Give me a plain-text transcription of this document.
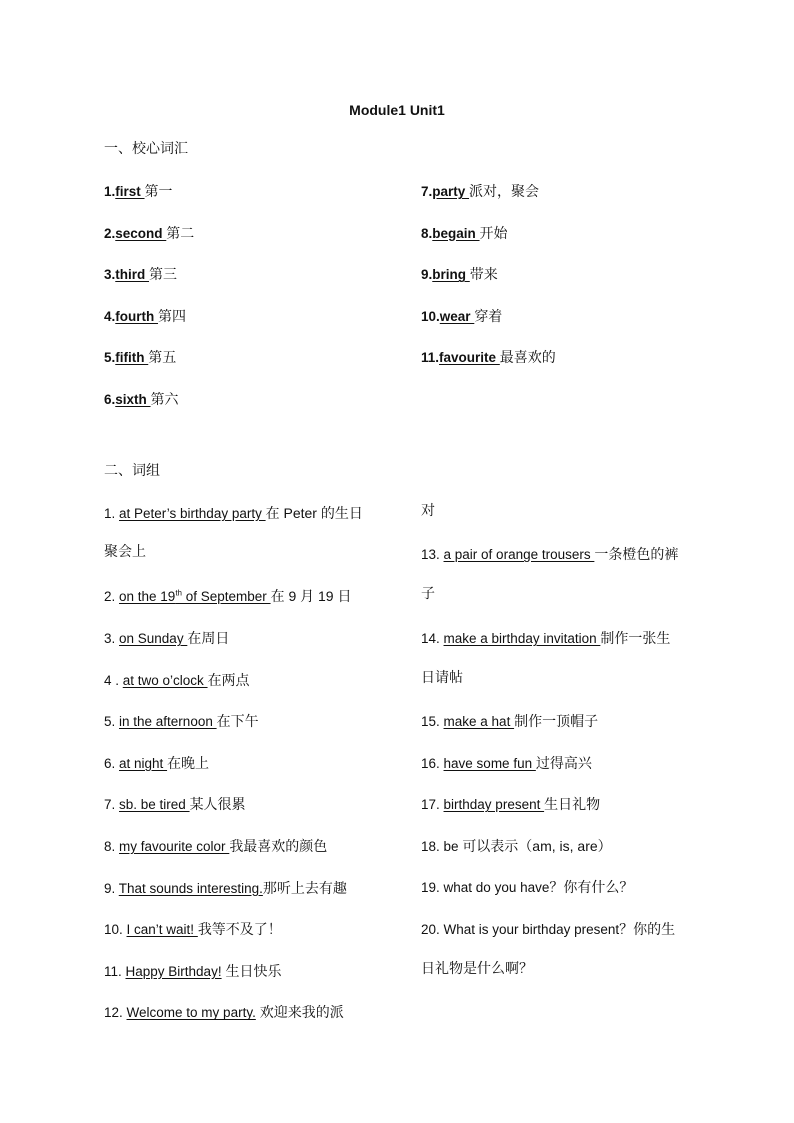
Module1 Unit1
一、校心词汇
1.first 第一
2.second 第二
3.third 第三
4.fourth 第四
5.fifith 第五
6.sixth 第六
7.party 派对，聚会
8.begain 开始
9.bring 带来
10.wear 穿着
11.favourite 最喜欢的
二、词组
1. at Peter’s birthday party 在 Peter 的生日
聚会上
2. on the 19th of September 在 9 月 19 日
3. on Sunday 在周日
4 . at two o’clock 在两点
5. in the afternoon 在下午
6. at night 在晚上
7. sb. be tired 某人很累
8. my favourite color 我最喜欢的颜色
9. That sounds interesting.那听上去有趣
10. I can’t wait! 我等不及了！
11. Happy Birthday! 生日快乐
12. Welcome to my party. 欢迎来我的派
对
13. a pair of orange trousers 一条橙色的裤
子
14. make a birthday invitation 制作一张生
日请帖
15. make a hat 制作一顶帽子
16. have some fun 过得高兴
17. birthday present 生日礼物
18. be 可以表示（am, is, are）
19. what do you have？你有什么？
20. What is your birthday present？你的生
日礼物是什么啊？
